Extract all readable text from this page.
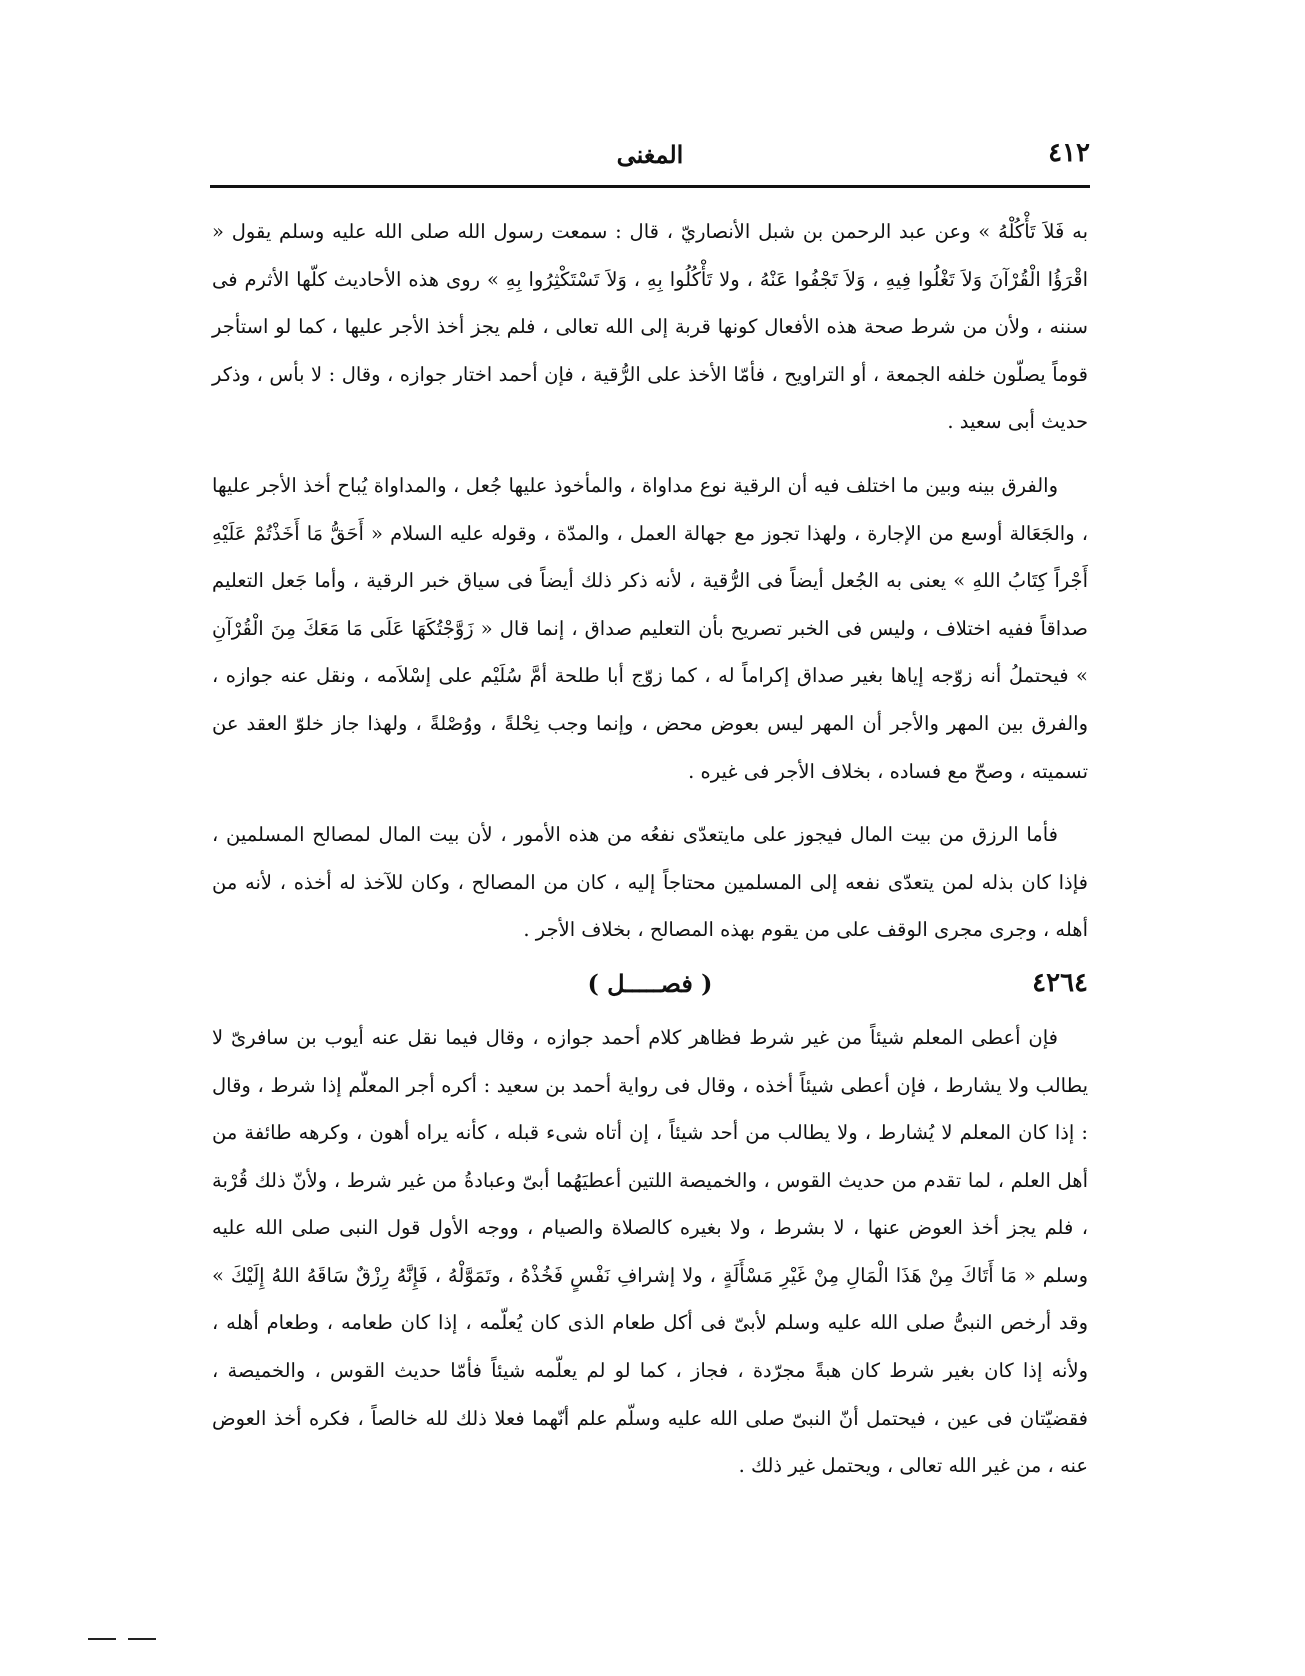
٤١٢
المغنى

به فَلاَ تَأْكُلْهُ » وعن عبد الرحمن بن شبل الأنصاريّ ، قال : سمعت رسول الله صلى الله عليه وسلم يقول « اقْرَؤُا الْقُرْآنَ وَلاَ تَغْلُوا فِيهِ ، وَلاَ تَجْفُوا عَنْهُ ، ولا تَأْكُلُوا بِهِ ، وَلاَ تَسْتَكْثِرُوا بِهِ » روى هذه الأحاديث كلّها الأثرم فى سننه ، ولأن من شرط صحة هذه الأفعال كونها قربة إلى الله تعالى ، فلم يجز أخذ الأجر عليها ، كما لو استأجر قوماً يصلّون خلفه الجمعة ، أو التراويح ، فأمّا الأخذ على الرُّقية ، فإن أحمد اختار جوازه ، وقال : لا بأس ، وذكر حديث أبى سعيد .

والفرق بينه وبين ما اختلف فيه أن الرقية نوع مداواة ، والمأخوذ عليها جُعل ، والمداواة يُباح أخذ الأجر عليها ، والجَعَالة أوسع من الإجارة ، ولهذا تجوز مع جهالة العمل ، والمدّة ، وقوله عليه السلام « أَحَقُّ مَا أَخَذْتُمْ عَلَيْهِ أَجْراً كِتَابُ اللهِ » يعنى به الجُعل أيضاً فى الرُّقية ، لأنه ذكر ذلك أيضاً فى سياق خبر الرقية ، وأما جَعل التعليم صداقاً ففيه اختلاف ، وليس فى الخبر تصريح بأن التعليم صداق ، إنما قال « زَوَّجْتُكَهَا عَلَى مَا مَعَكَ مِنَ الْقُرْآنِ » فيحتملُ أنه زوّجه إياها بغير صداق إكراماً له ، كما زوّج أبا طلحة أمَّ سُلَيْم على إسْلاَمه ، ونقل عنه جوازه ، والفرق بين المهر والأجر أن المهر ليس بعوض محض ، وإنما وجب نِحْلةً ، ووُصْلةً ، ولهذا جاز خلوّ العقد عن تسميته ، وصحّ مع فساده ، بخلاف الأجر فى غيره .

فأما الرزق من بيت المال فيجوز على مايتعدّى نفعُه من هذه الأمور ، لأن بيت المال لمصالح المسلمين ، فإذا كان بذله لمن يتعدّى نفعه إلى المسلمين محتاجاً إليه ، كان من المصالح ، وكان للآخذ له أخذه ، لأنه من أهله ، وجرى مجرى الوقف على من يقوم بهذه المصالح ، بخلاف الأجر .

٤٢٦٤
( فصـــــل )

فإن أعطى المعلم شيئاً من غير شرط فظاهر كلام أحمد جوازه ، وقال فيما نقل عنه أيوب بن سافرىّ لا يطالب ولا يشارط ، فإن أعطى شيئاً أخذه ، وقال فى رواية أحمد بن سعيد : أكره أجر المعلّم إذا شرط ، وقال : إذا كان المعلم لا يُشارط ، ولا يطالب من أحد شيئاً ، إن أتاه شىء قبله ، كأنه يراه أهون ، وكرهه طائفة من أهل العلم ، لما تقدم من حديث القوس ، والخميصة اللتين أعطيَهُما أبىّ وعبادةُ من غير شرط ، ولأنّ ذلك قُرْبة ، فلم يجز أخذ العوض عنها ، لا بشرط ، ولا بغيره كالصلاة والصيام ، ووجه الأول قول النبى صلى الله عليه وسلم « مَا أَتَاكَ مِنْ هَذَا الْمَالِ مِنْ غَيْرِ مَسْأَلَةٍ ، ولا إشرافِ نَفْسٍ فَخُذْهُ ، وتَمَوَّلْهُ ، فَإِنَّهُ رِزْقٌ سَاقَهُ اللهُ إِلَيْكَ » وقد أرخص النبىُّ صلى الله عليه وسلم لأبىّ فى أكل طعام الذى كان يُعلّمه ، إذا كان طعامه ، وطعام أهله ، ولأنه إذا كان بغير شرط كان هبةً مجرّدة ، فجاز ، كما لو لم يعلّمه شيئاً فأمّا حديث القوس ، والخميصة ، فقضيّتان فى عين ، فيحتمل أنّ النبىّ صلى الله عليه وسلّم علم أنّهما فعلا ذلك لله خالصاً ، فكره أخذ العوض عنه ، من غير الله تعالى ، ويحتمل غير ذلك .
